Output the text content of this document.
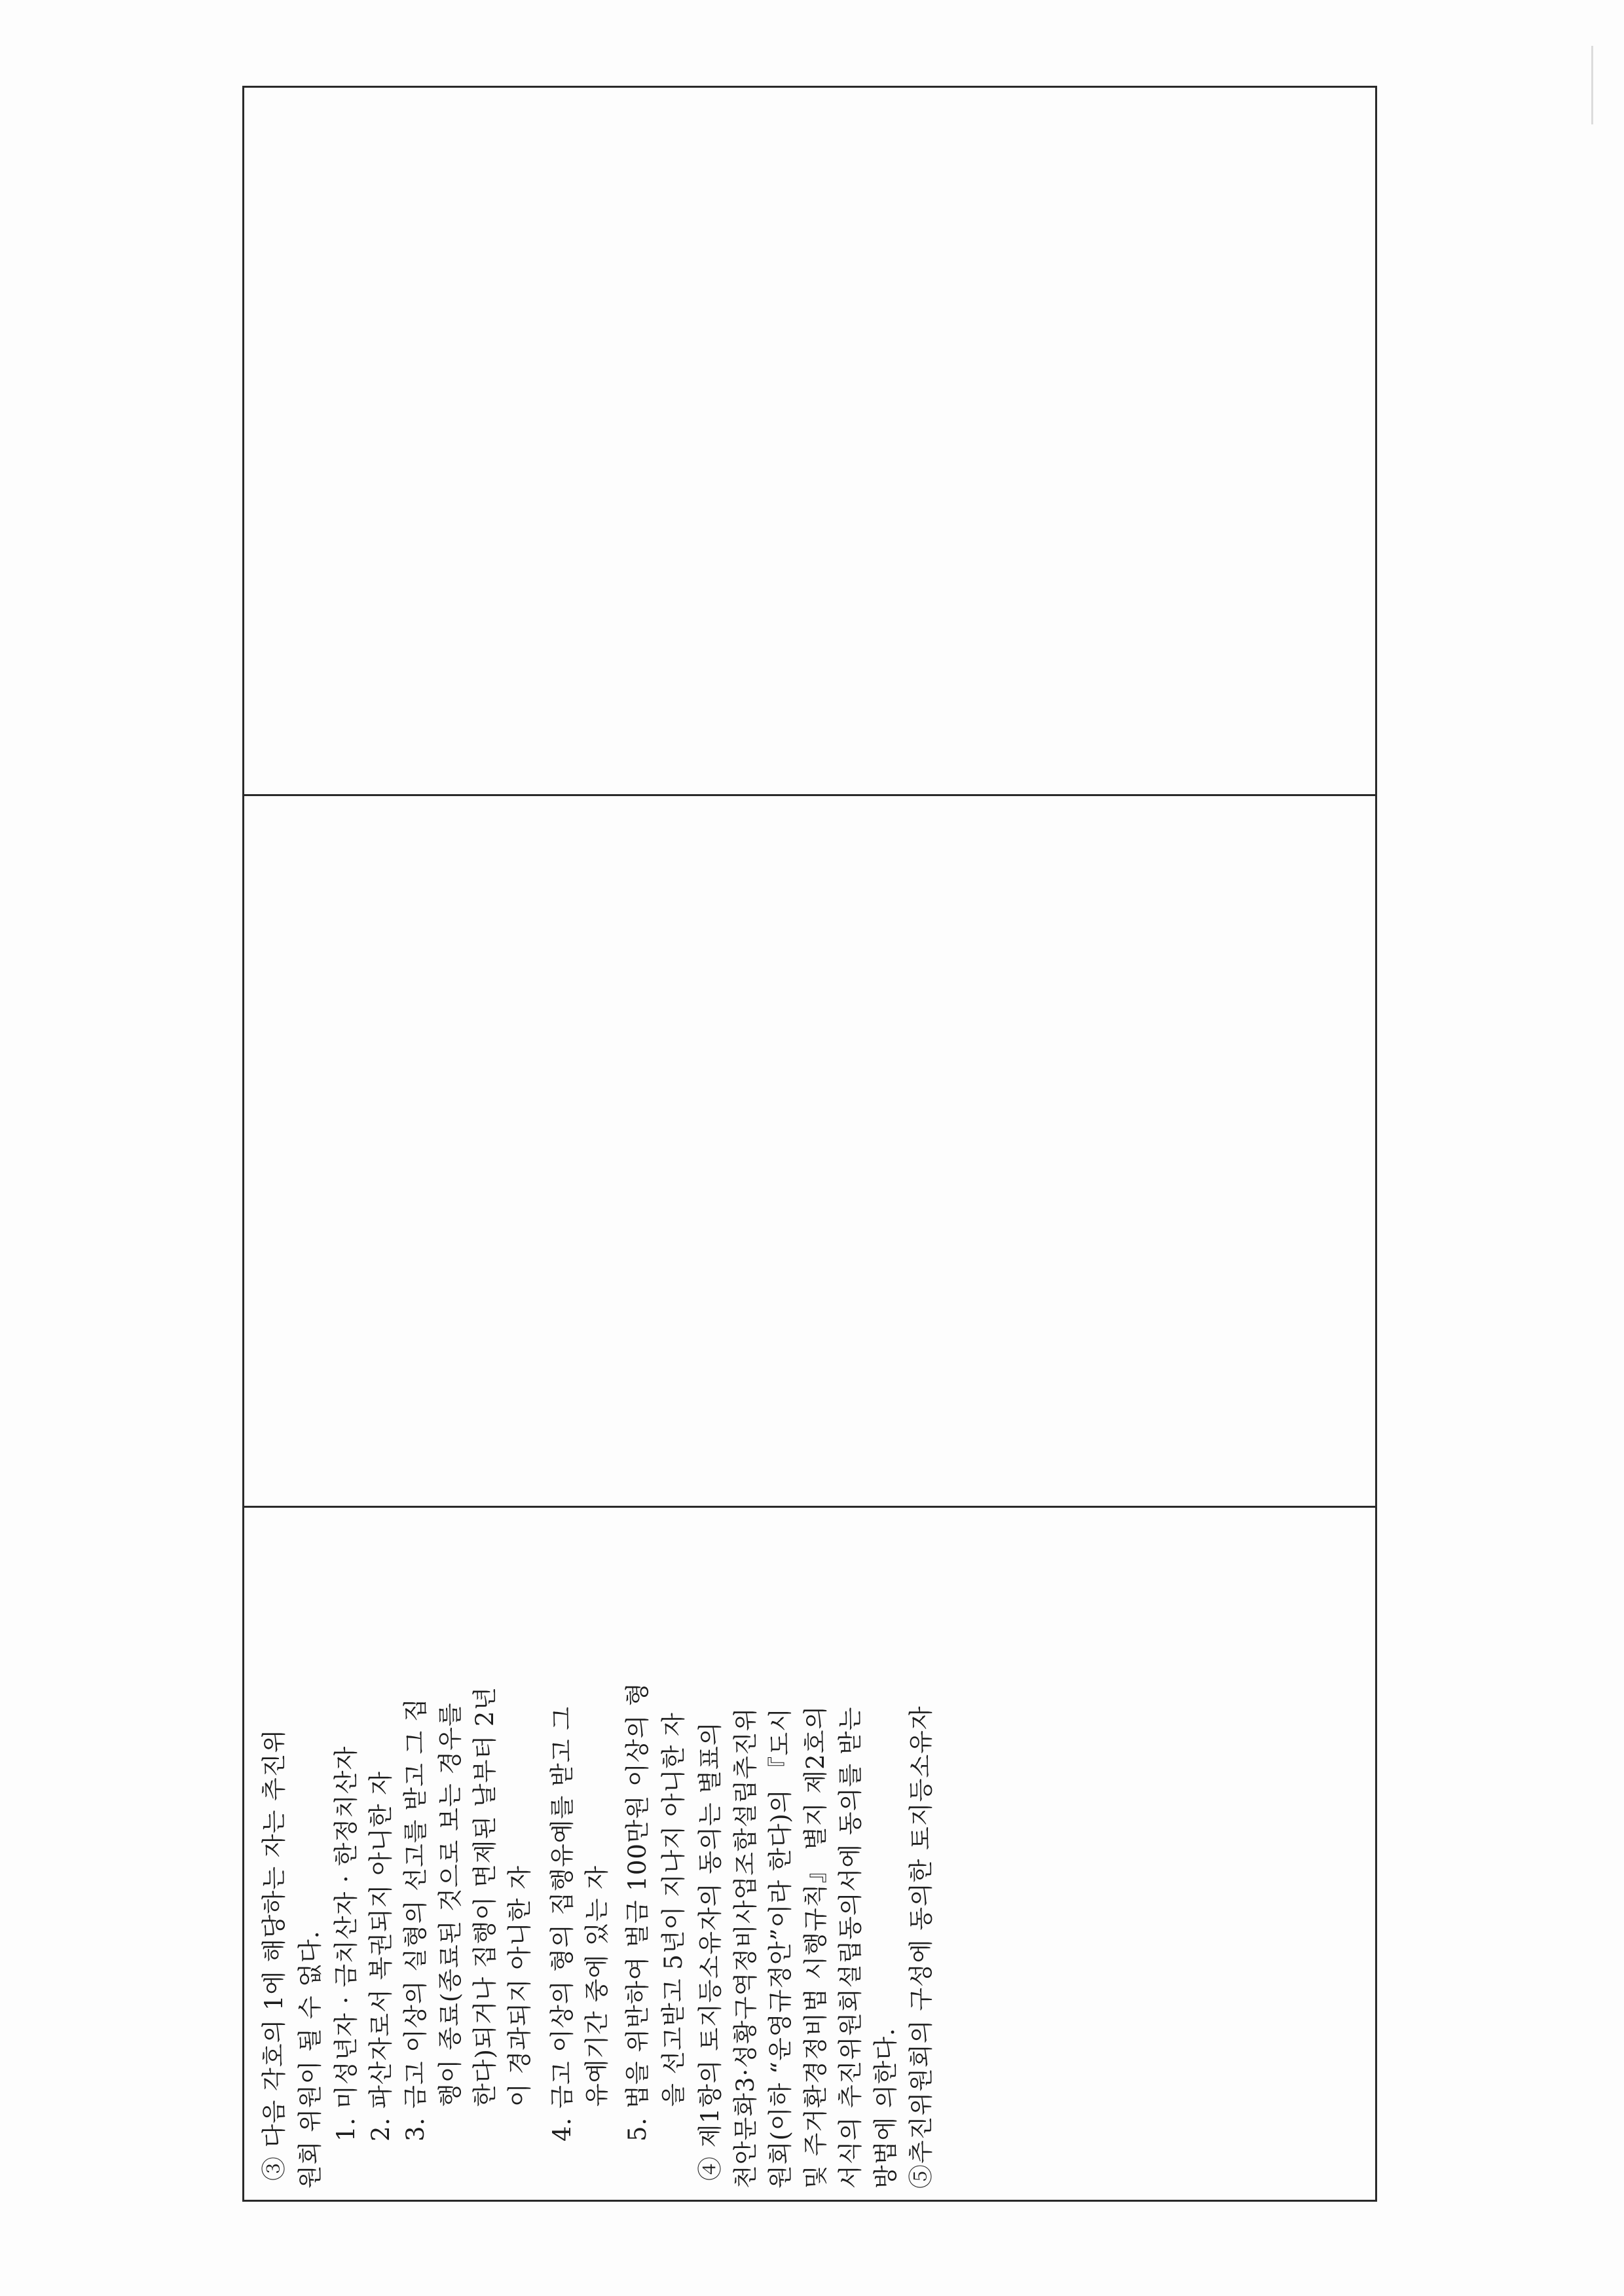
③ 다음 각호의 1에 해당하는 자는 추진위 원회 위원이 될 수 없다. 1. 미성년자 · 금치산자 · 한정치산자 2. 파산자로서 복권되지 아니한 자 3. 금고 이상의 실형의 선고를 받고 그 집 행이 종료(종료된 것으로 보는 경우를 한다)되거나 집행이 면제된 날부터 2년 이 경과되지 아니한 자 4. 금고 이상의 형의 집행유예를 받고 그 유예기간 중에 있는 자 5. 법을 위반하여 벌금 100만원 이상의 형 을 선고받고 5년이 지나지 아니한 자 ④ 제1항의 토지등소유자의 동의는 별표의 천안문화3·성황구역정비사업조합설립추진위 원회(이하 “운영규정안”이라 한다)의 『도시 및 주거환경정비법 시행규칙』 별지 제2호의 서식의 추진위원회설립동의서에 동의를 받는 방법에 의한다. ⑤추진위원회의 구성에 동의한 토지등소유자
